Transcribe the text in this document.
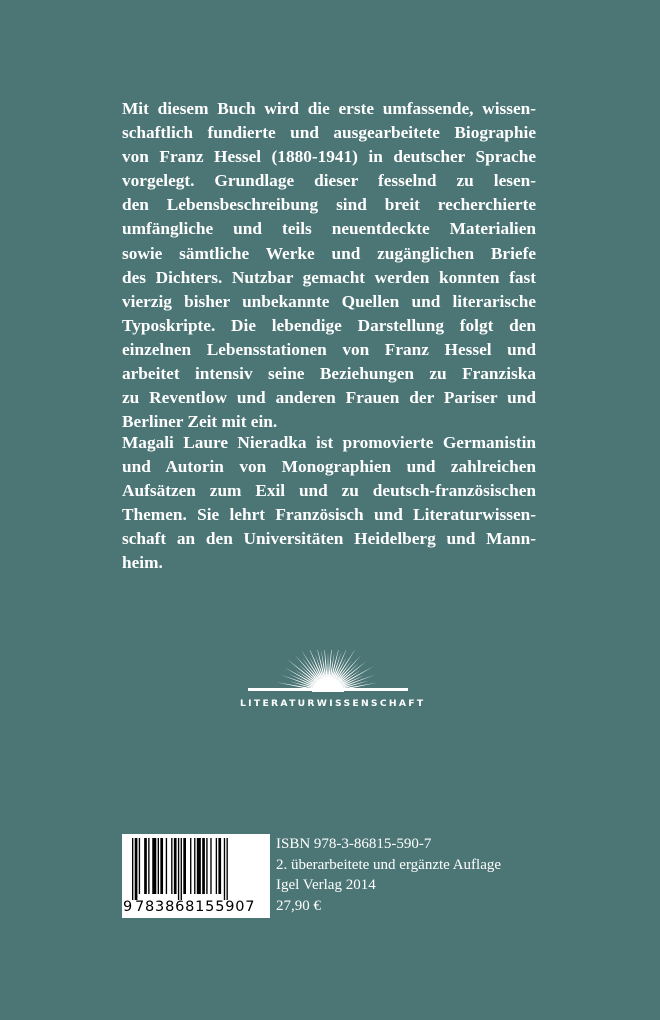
Mit diesem Buch wird die erste umfassende, wissen-
schaftlich fundierte und ausgearbeitete Biographie
von Franz Hessel (1880-1941) in deutscher Sprache
vorgelegt. Grundlage dieser fesselnd zu lesen-
den Lebensbeschreibung sind breit recherchierte
umfängliche und teils neuentdeckte Materialien
sowie sämtliche Werke und zugänglichen Briefe
des Dichters. Nutzbar gemacht werden konnten fast
vierzig bisher unbekannte Quellen und literarische
Typoskripte. Die lebendige Darstellung folgt den
einzelnen Lebensstationen von Franz Hessel und
arbeitet intensiv seine Beziehungen zu Franziska
zu Reventlow und anderen Frauen der Pariser und
Berliner Zeit mit ein.
Magali Laure Nieradka ist promovierte Germanistin
und Autorin von Monographien und zahlreichen
Aufsätzen zum Exil und zu deutsch-französischen
Themen. Sie lehrt Französisch und Literaturwissen-
schaft an den Universitäten Heidelberg und Mann-
heim.
LITERATURWISSENSCHAFT
9 783868155907
ISBN 978-3-86815-590-7
2. überarbeitete und ergänzte Auflage
Igel Verlag 2014
27,90 €
